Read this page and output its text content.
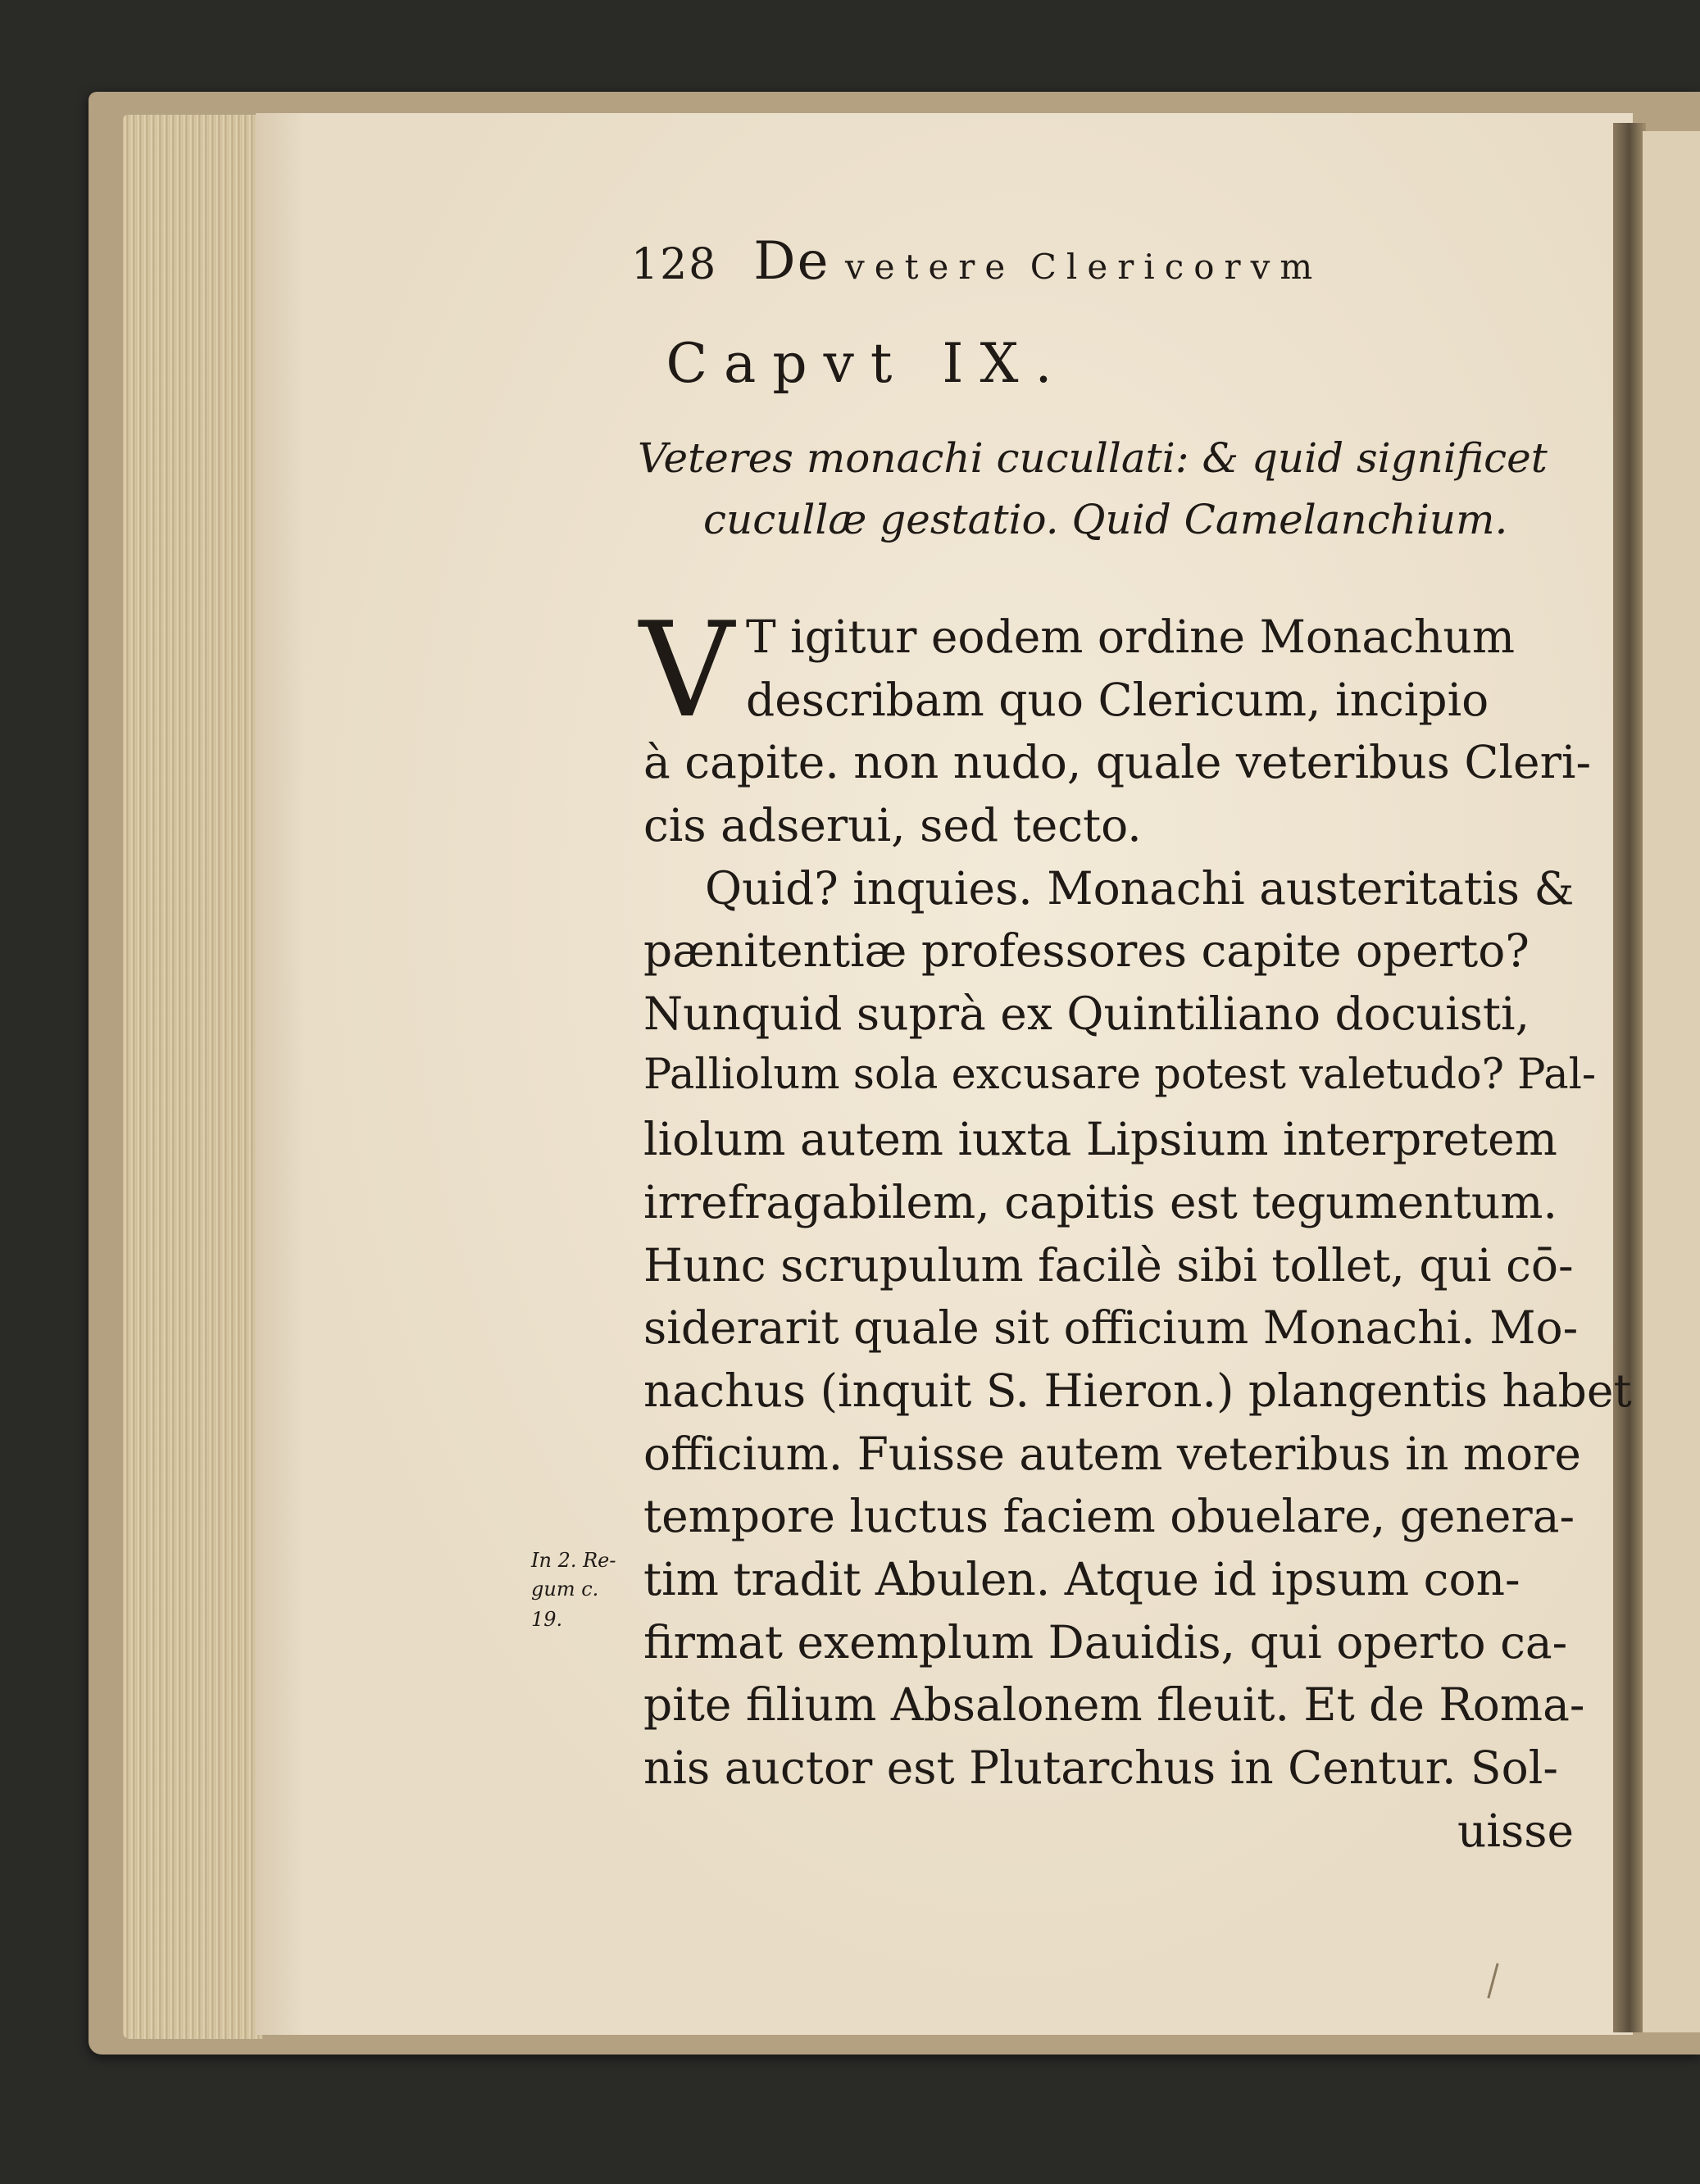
128 De vetere Clericorvm
Capvt IX.
Veteres monachi cucullati: & quid significet
cucullæ gestatio. Quid Camelanchium.
V T igitur eodem ordine Monachum
describam quo Clericum, incipio
à capite. non nudo, quale veteribus Cleri-
cis adserui, sed tecto.
Quid? inquies. Monachi austeritatis &
pænitentiæ professores capite operto?
Nunquid suprà ex Quintiliano docuisti,
Palliolum sola excusare potest valetudo? Pal-
liolum autem iuxta Lipsium interpretem
irrefragabilem, capitis est tegumentum.
Hunc scrupulum facilè sibi tollet, qui cō-
siderarit quale sit officium Monachi. Mo-
nachus (inquit S. Hieron.) plangentis habet
officium. Fuisse autem veteribus in more
tempore luctus faciem obuelare, genera-
tim tradit Abulen. Atque id ipsum con-
firmat exemplum Dauidis, qui operto ca-
pite filium Absalonem fleuit. Et de Roma-
nis auctor est Plutarchus in Centur. Sol-
uisse
In 2. Re-
gum c.
19.
